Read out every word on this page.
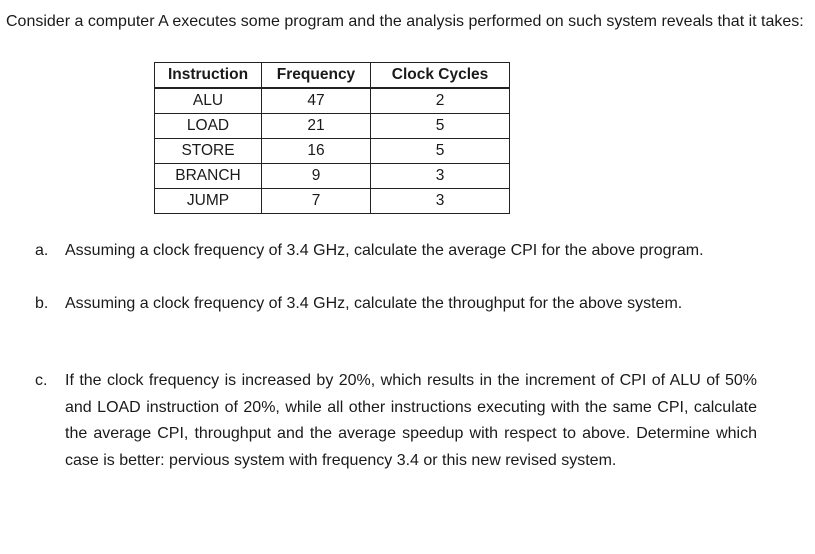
Consider a computer A executes some program and the analysis performed on such system reveals that it takes:

Instruction	Frequency	Clock Cycles
ALU	47	2
LOAD	21	5
STORE	16	5
BRANCH	9	3
JUMP	7	3
a. Assuming a clock frequency of 3.4 GHz, calculate the average CPI for the above program.
b. Assuming a clock frequency of 3.4 GHz, calculate the throughput for the above system.
c. If the clock frequency is increased by 20%, which results in the increment of CPI of ALU of 50% and LOAD instruction of 20%, while all other instructions executing with the same CPI, calculate the average CPI, throughput and the average speedup with respect to above. Determine which case is better: pervious system with frequency 3.4 or this new revised system.
